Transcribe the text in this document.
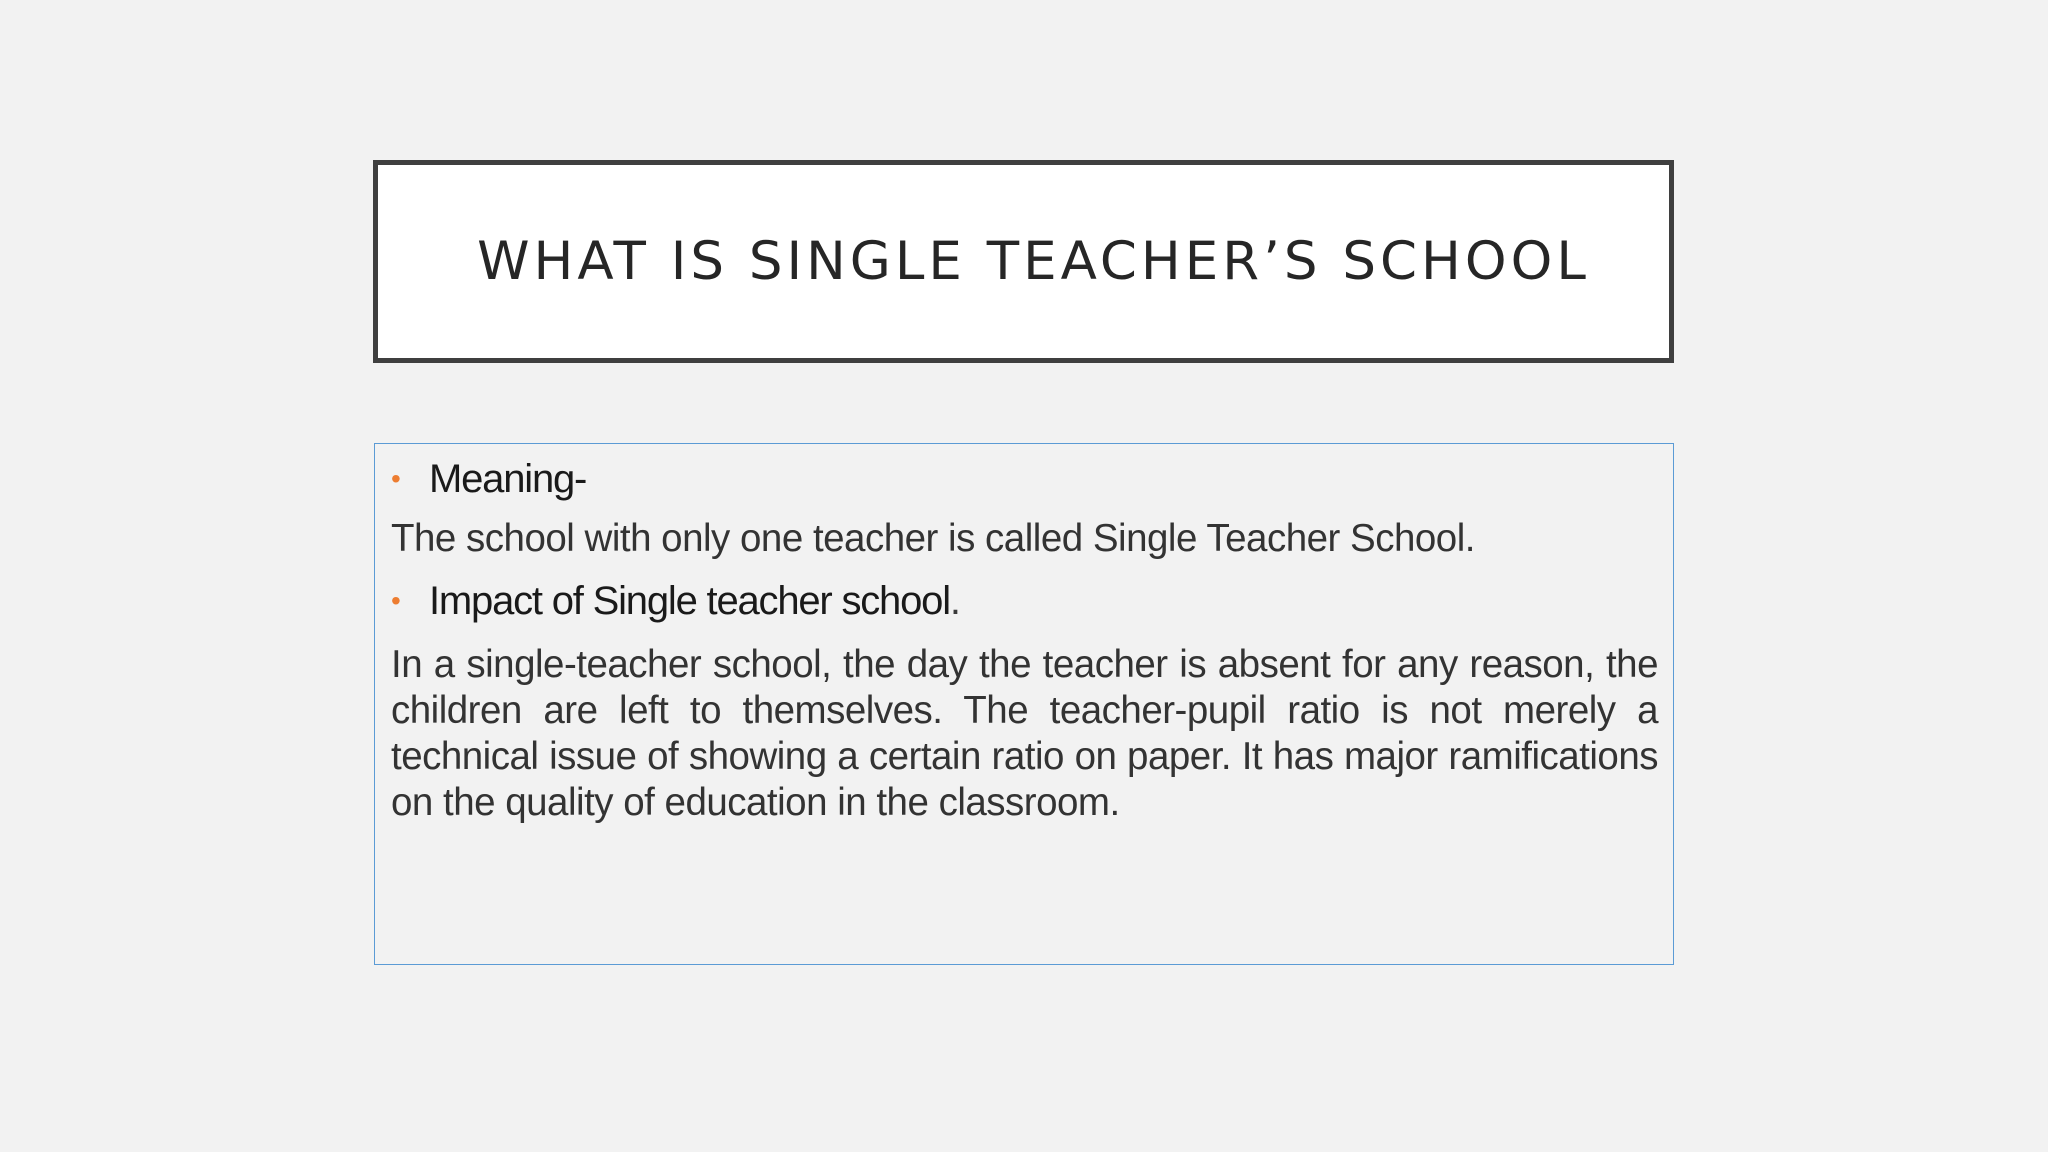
WHAT IS SINGLE TEACHER’S SCHOOL
• Meaning-

The school with only one teacher is called Single Teacher School.

• Impact of Single teacher school.

In a single-teacher school, the day the teacher is absent for any reason, the children are left to themselves. The teacher-pupil ratio is not merely a technical issue of showing a certain ratio on paper. It has major ramifications on the quality of education in the classroom.
